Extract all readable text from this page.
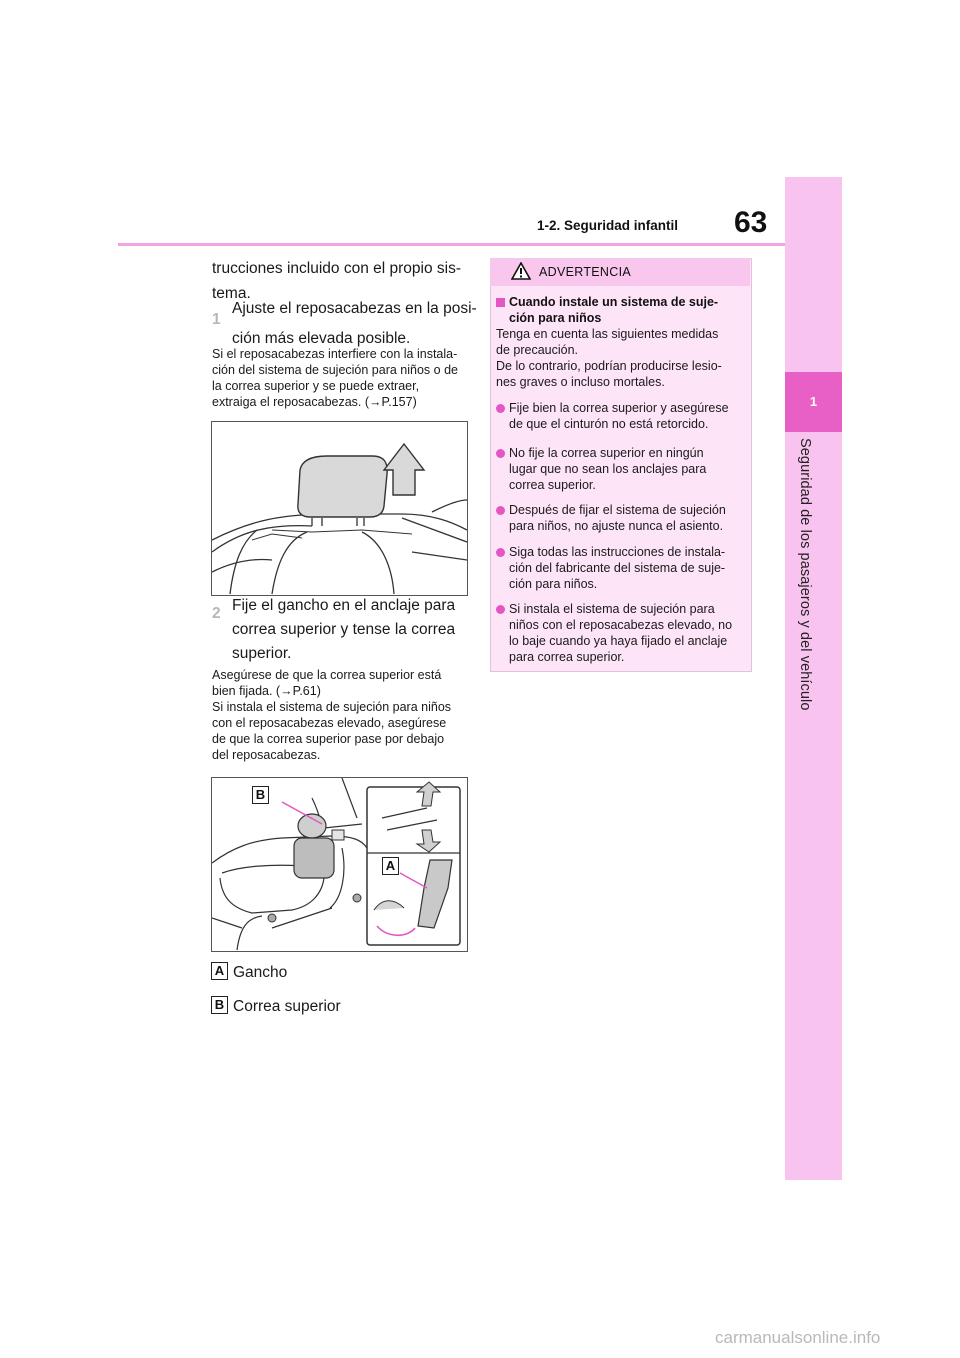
1
Seguridad de los pasajeros y del vehículo
1-2. Seguridad infantil 63
trucciones incluido con el propio sis-
tema.
1
Ajuste el reposacabezas en la posi-
ción más elevada posible.
Si el reposacabezas interfiere con la instala-
ción del sistema de sujeción para niños o de
la correa superior y se puede extraer,
extraiga el reposacabezas. (→P.157)
2 Fije el gancho en el anclaje para
correa superior y tense la correa
superior.
Asegúrese de que la correa superior está
bien fijada. (→P.61)
Si instala el sistema de sujeción para niños
con el reposacabezas elevado, asegúrese
de que la correa superior pase por debajo
del reposacabezas.
B
A
A Gancho
B Correa superior
ADVERTENCIA
Cuando instale un sistema de suje-
ción para niños
Tenga en cuenta las siguientes medidas
de precaución.
De lo contrario, podrían producirse lesio-
nes graves o incluso mortales.
Fije bien la correa superior y asegúrese
de que el cinturón no está retorcido.
No fije la correa superior en ningún
lugar que no sean los anclajes para
correa superior.
Después de fijar el sistema de sujeción
para niños, no ajuste nunca el asiento.
Siga todas las instrucciones de instala-
ción del fabricante del sistema de suje-
ción para niños.
Si instala el sistema de sujeción para
niños con el reposacabezas elevado, no
lo baje cuando ya haya fijado el anclaje
para correa superior.
carmanualsonline.info
